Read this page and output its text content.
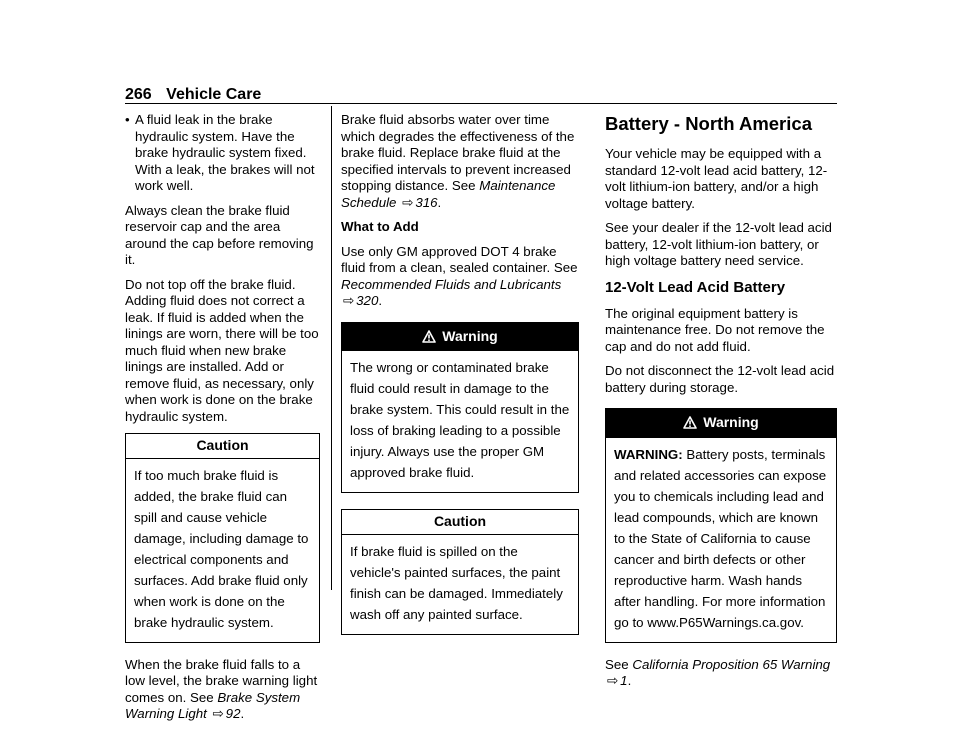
266 Vehicle Care
• A fluid leak in the brake hydraulic system. Have the brake hydraulic system fixed. With a leak, the brakes will not work well.

Always clean the brake fluid reservoir cap and the area around the cap before removing it.

Do not top off the brake fluid. Adding fluid does not correct a leak. If fluid is added when the linings are worn, there will be too much fluid when new brake linings are installed. Add or remove fluid, as necessary, only when work is done on the brake hydraulic system.

Caution
If too much brake fluid is added, the brake fluid can spill and cause vehicle damage, including damage to electrical components and surfaces. Add brake fluid only when work is done on the brake hydraulic system.

When the brake fluid falls to a low level, the brake warning light comes on. See Brake System Warning Light ⇨ 92.

Brake fluid absorbs water over time which degrades the effectiveness of the brake fluid. Replace brake fluid at the specified intervals to prevent increased stopping distance. See Maintenance Schedule ⇨ 316.

What to Add

Use only GM approved DOT 4 brake fluid from a clean, sealed container. See Recommended Fluids and Lubricants ⇨ 320.

Warning
The wrong or contaminated brake fluid could result in damage to the brake system. This could result in the loss of braking leading to a possible injury. Always use the proper GM approved brake fluid.
Caution
If brake fluid is spilled on the vehicle's painted surfaces, the paint finish can be damaged. Immediately wash off any painted surface.
Battery - North America

Your vehicle may be equipped with a standard 12-volt lead acid battery, 12-volt lithium-ion battery, and/or a high voltage battery.

See your dealer if the 12-volt lead acid battery, 12-volt lithium-ion battery, or high voltage battery need service.

12-Volt Lead Acid Battery

The original equipment battery is maintenance free. Do not remove the cap and do not add fluid.

Do not disconnect the 12-volt lead acid battery during storage.

Warning
WARNING: Battery posts, terminals and related accessories can expose you to chemicals including lead and lead compounds, which are known to the State of California to cause cancer and birth defects or other reproductive harm. Wash hands after handling. For more information go to www.P65Warnings.ca.gov.

See California Proposition 65 Warning ⇨ 1.
